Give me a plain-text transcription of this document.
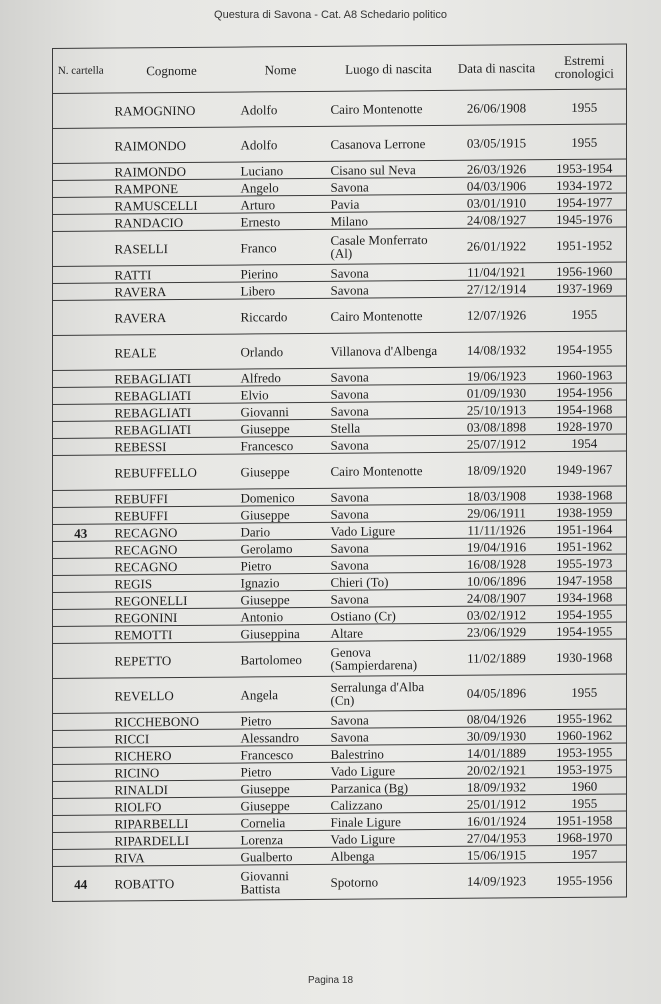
Questura di Savona - Cat. A8 Schedario politico
N. cartella	Cognome	Nome	Luogo di nascita	Data di nascita	Estremi cronologici
	RAMOGNINO	Adolfo	Cairo Montenotte	26/06/1908	1955
	RAIMONDO	Adolfo	Casanova Lerrone	03/05/1915	1955
	RAIMONDO	Luciano	Cisano sul Neva	26/03/1926	1953-1954
	RAMPONE	Angelo	Savona	04/03/1906	1934-1972
	RAMUSCELLI	Arturo	Pavia	03/01/1910	1954-1977
	RANDACIO	Ernesto	Milano	24/08/1927	1945-1976
	RASELLI	Franco	Casale Monferrato (Al)	26/01/1922	1951-1952
	RATTI	Pierino	Savona	11/04/1921	1956-1960
	RAVERA	Libero	Savona	27/12/1914	1937-1969
	RAVERA	Riccardo	Cairo Montenotte	12/07/1926	1955
	REALE	Orlando	Villanova d'Albenga	14/08/1932	1954-1955
	REBAGLIATI	Alfredo	Savona	19/06/1923	1960-1963
	REBAGLIATI	Elvio	Savona	01/09/1930	1954-1956
	REBAGLIATI	Giovanni	Savona	25/10/1913	1954-1968
	REBAGLIATI	Giuseppe	Stella	03/08/1898	1928-1970
	REBESSI	Francesco	Savona	25/07/1912	1954
	REBUFFELLO	Giuseppe	Cairo Montenotte	18/09/1920	1949-1967
	REBUFFI	Domenico	Savona	18/03/1908	1938-1968
	REBUFFI	Giuseppe	Savona	29/06/1911	1938-1959
43	RECAGNO	Dario	Vado Ligure	11/11/1926	1951-1964
	RECAGNO	Gerolamo	Savona	19/04/1916	1951-1962
	RECAGNO	Pietro	Savona	16/08/1928	1955-1973
	REGIS	Ignazio	Chieri (To)	10/06/1896	1947-1958
	REGONELLI	Giuseppe	Savona	24/08/1907	1934-1968
	REGONINI	Antonio	Ostiano (Cr)	03/02/1912	1954-1955
	REMOTTI	Giuseppina	Altare	23/06/1929	1954-1955
	REPETTO	Bartolomeo	Genova (Sampierdarena)	11/02/1889	1930-1968
	REVELLO	Angela	Serralunga d'Alba (Cn)	04/05/1896	1955
	RICCHEBONO	Pietro	Savona	08/04/1926	1955-1962
	RICCI	Alessandro	Savona	30/09/1930	1960-1962
	RICHERO	Francesco	Balestrino	14/01/1889	1953-1955
	RICINO	Pietro	Vado Ligure	20/02/1921	1953-1975
	RINALDI	Giuseppe	Parzanica (Bg)	18/09/1932	1960
	RIOLFO	Giuseppe	Calizzano	25/01/1912	1955
	RIPARBELLI	Cornelia	Finale Ligure	16/01/1924	1951-1958
	RIPARDELLI	Lorenza	Vado Ligure	27/04/1953	1968-1970
	RIVA	Gualberto	Albenga	15/06/1915	1957
44	ROBATTO	Giovanni Battista	Spotorno	14/09/1923	1955-1956
Pagina 18
